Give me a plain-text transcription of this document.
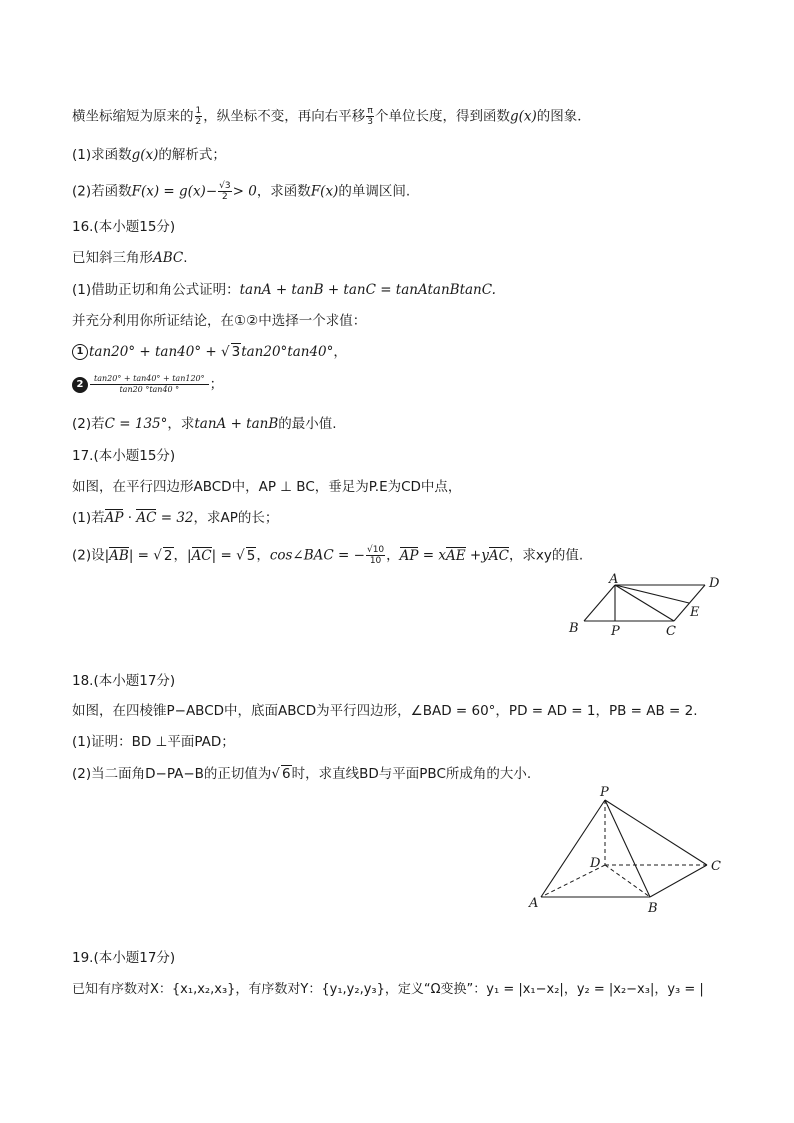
横坐标缩短为原来的 $\frac{1}{2}$ ，纵坐标不变，再向右平移 $\frac{\pi}{3}$ 个单位长度，得到函数g(x)的图象．
(1)求函数g(x)的解析式；
(2)若函数$F(x) = g(x)- \frac{√3}{2} > 0$，求函数F(x)的单调区间.
16.(本小题15分)
已知斜三角形ABC.
(1)借助正切和角公式证明：tanA + tanB + tanC = tanAtanBtanC.
并充分利用你所证结论，在①②中选择一个求值：
1 tan20° + tan40° + √ 3tan20°tan40°，
$2 \frac{\tan 20^\circ + \tan 40^\circ + \tan 120^\circ}{\tan 20 ^\circ\tan 40 ^\circ}$ ；
(2)若C = 135°，求tanA + tanB的最小值.
17.(本小题15分)
如图，在平行四边形ABCD中，AP ⊥ BC，垂足为P.E为CD中点，
(1)若AP · AC = 32，求AP的长；
(2)设|AB| = √ 2，|AC| = √ 5，cos∠BAC = − $\frac{√10}{10}$ ，AP = xAE +yAC，求xy的值.
A	D
E
B P	C
18.(本小题17分)
如图，在四棱锥P−ABCD中，底面ABCD为平行四边形，∠BAD = 60°，PD = AD = 1，PB = AB = 2.
(1)证明：BD ⊥平面PAD；
(2)当二面角D−PA−B的正切值为√ 6时，求直线BD与平面PBC所成角的大小.
P
D	C
A	B
19.(本小题17分)
已知有序数对X：{x₁,x₂,x₃}，有序数对Y：{y₁,y₂,y₃}，定义“Ω变换”：y₁ = |x₁−x₂|，y₂ = |x₂−x₃|，y₃ = |
